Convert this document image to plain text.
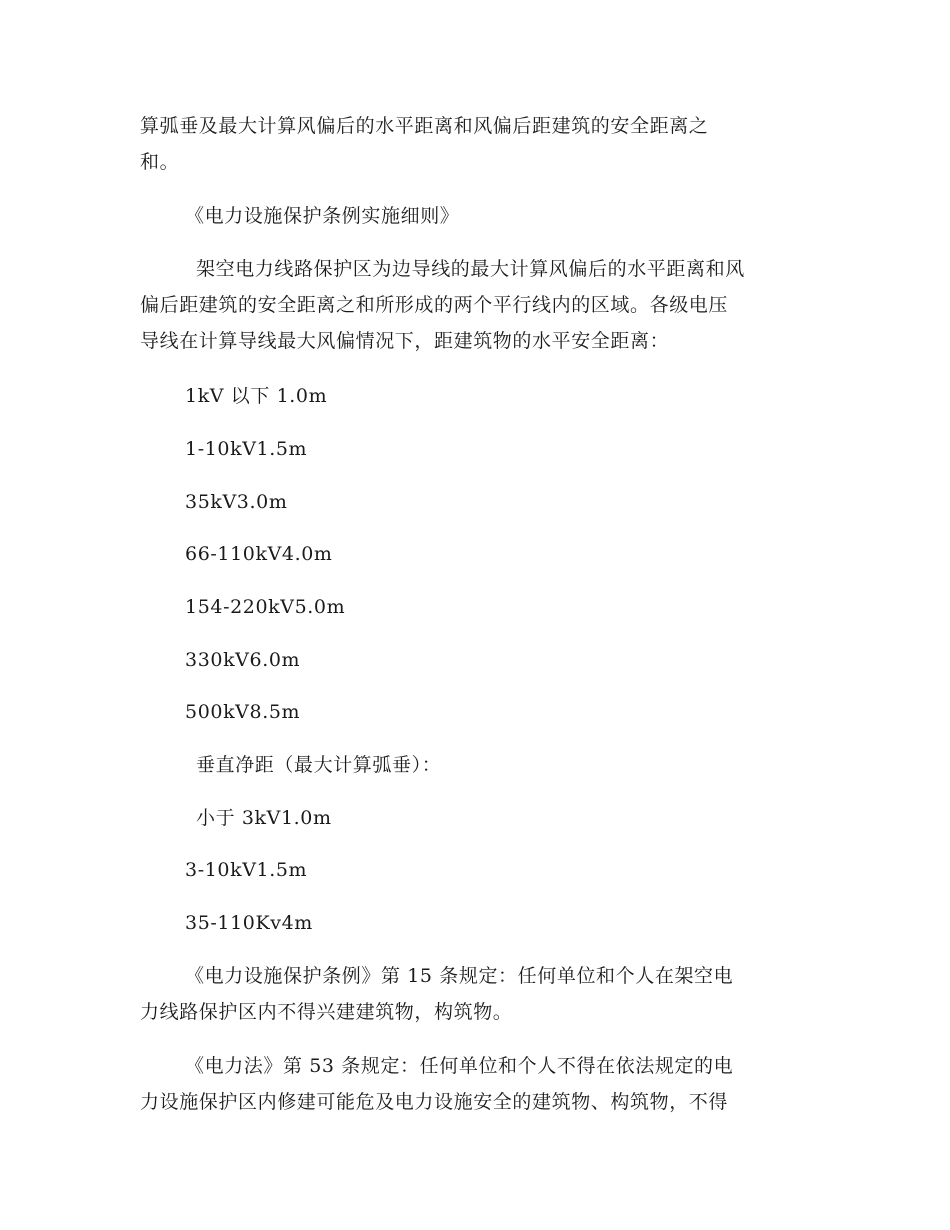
算弧垂及最大计算风偏后的水平距离和风偏后距建筑的安全距离之
和。
《电力设施保护条例实施细则》
架空电力线路保护区为边导线的最大计算风偏后的水平距离和风
偏后距建筑的安全距离之和所形成的两个平行线内的区域。各级电压
导线在计算导线最大风偏情况下，距建筑物的水平安全距离：
1kV 以下 1.0m
1-10kV1.5m
35kV3.0m
66-110kV4.0m
154-220kV5.0m
330kV6.0m
500kV8.5m
垂直净距（最大计算弧垂）：
小于 3kV1.0m
3-10kV1.5m
35-110Kv4m
《电力设施保护条例》第 15 条规定：任何单位和个人在架空电
力线路保护区内不得兴建建筑物，构筑物。
《电力法》第 53 条规定：任何单位和个人不得在依法规定的电
力设施保护区内修建可能危及电力设施安全的建筑物、构筑物，不得
